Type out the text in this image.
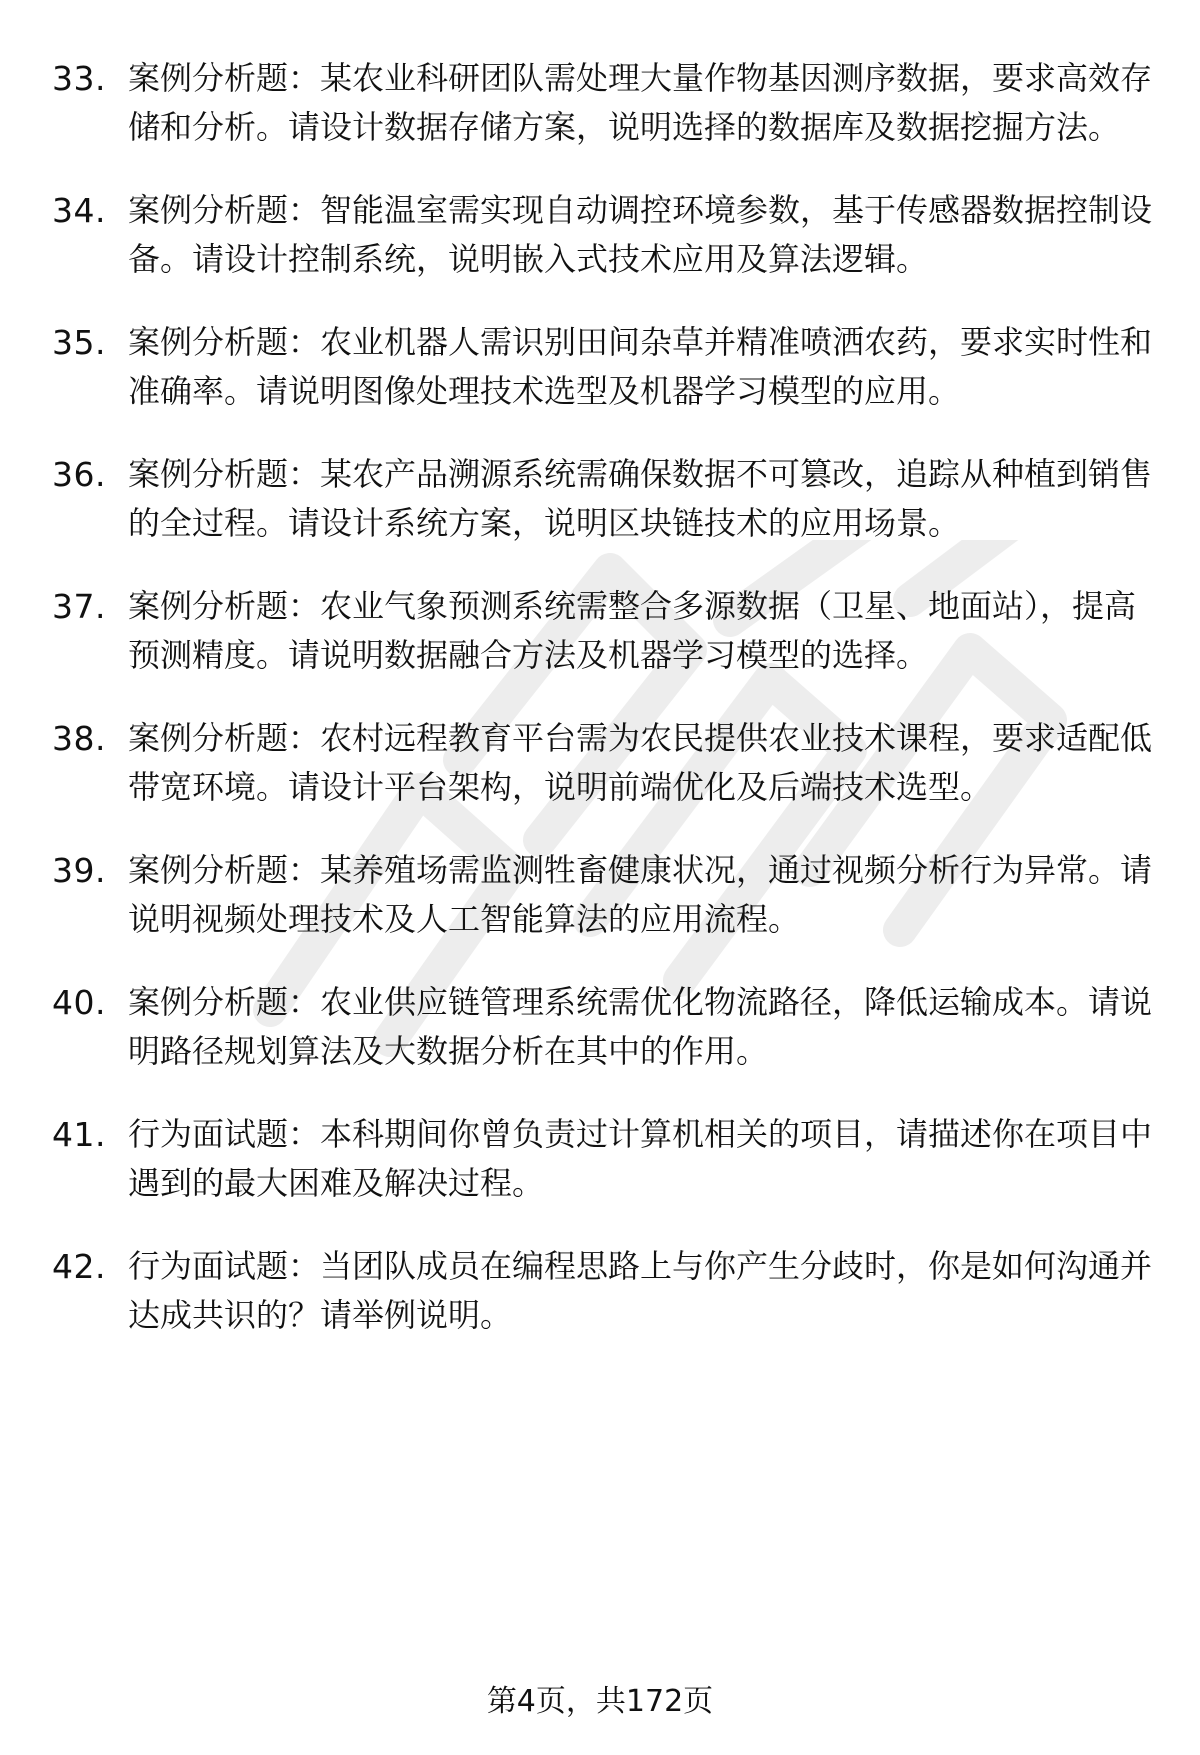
33. 案例分析题：某农业科研团队需处理大量作物基因测序数据，要求高效存储和分析。请设计数据存储方案，说明选择的数据库及数据挖掘方法。
34. 案例分析题：智能温室需实现自动调控环境参数，基于传感器数据控制设备。请设计控制系统，说明嵌入式技术应用及算法逻辑。
35. 案例分析题：农业机器人需识别田间杂草并精准喷洒农药，要求实时性和准确率。请说明图像处理技术选型及机器学习模型的应用。
36. 案例分析题：某农产品溯源系统需确保数据不可篡改，追踪从种植到销售的全过程。请设计系统方案，说明区块链技术的应用场景。
37. 案例分析题：农业气象预测系统需整合多源数据（卫星、地面站），提高预测精度。请说明数据融合方法及机器学习模型的选择。
38. 案例分析题：农村远程教育平台需为农民提供农业技术课程，要求适配低带宽环境。请设计平台架构，说明前端优化及后端技术选型。
39. 案例分析题：某养殖场需监测牲畜健康状况，通过视频分析行为异常。请说明视频处理技术及人工智能算法的应用流程。
40. 案例分析题：农业供应链管理系统需优化物流路径，降低运输成本。请说明路径规划算法及大数据分析在其中的作用。
41. 行为面试题：本科期间你曾负责过计算机相关的项目，请描述你在项目中遇到的最大困难及解决过程。
42. 行为面试题：当团队成员在编程思路上与你产生分歧时，你是如何沟通并达成共识的？请举例说明。
第4页，共172页
